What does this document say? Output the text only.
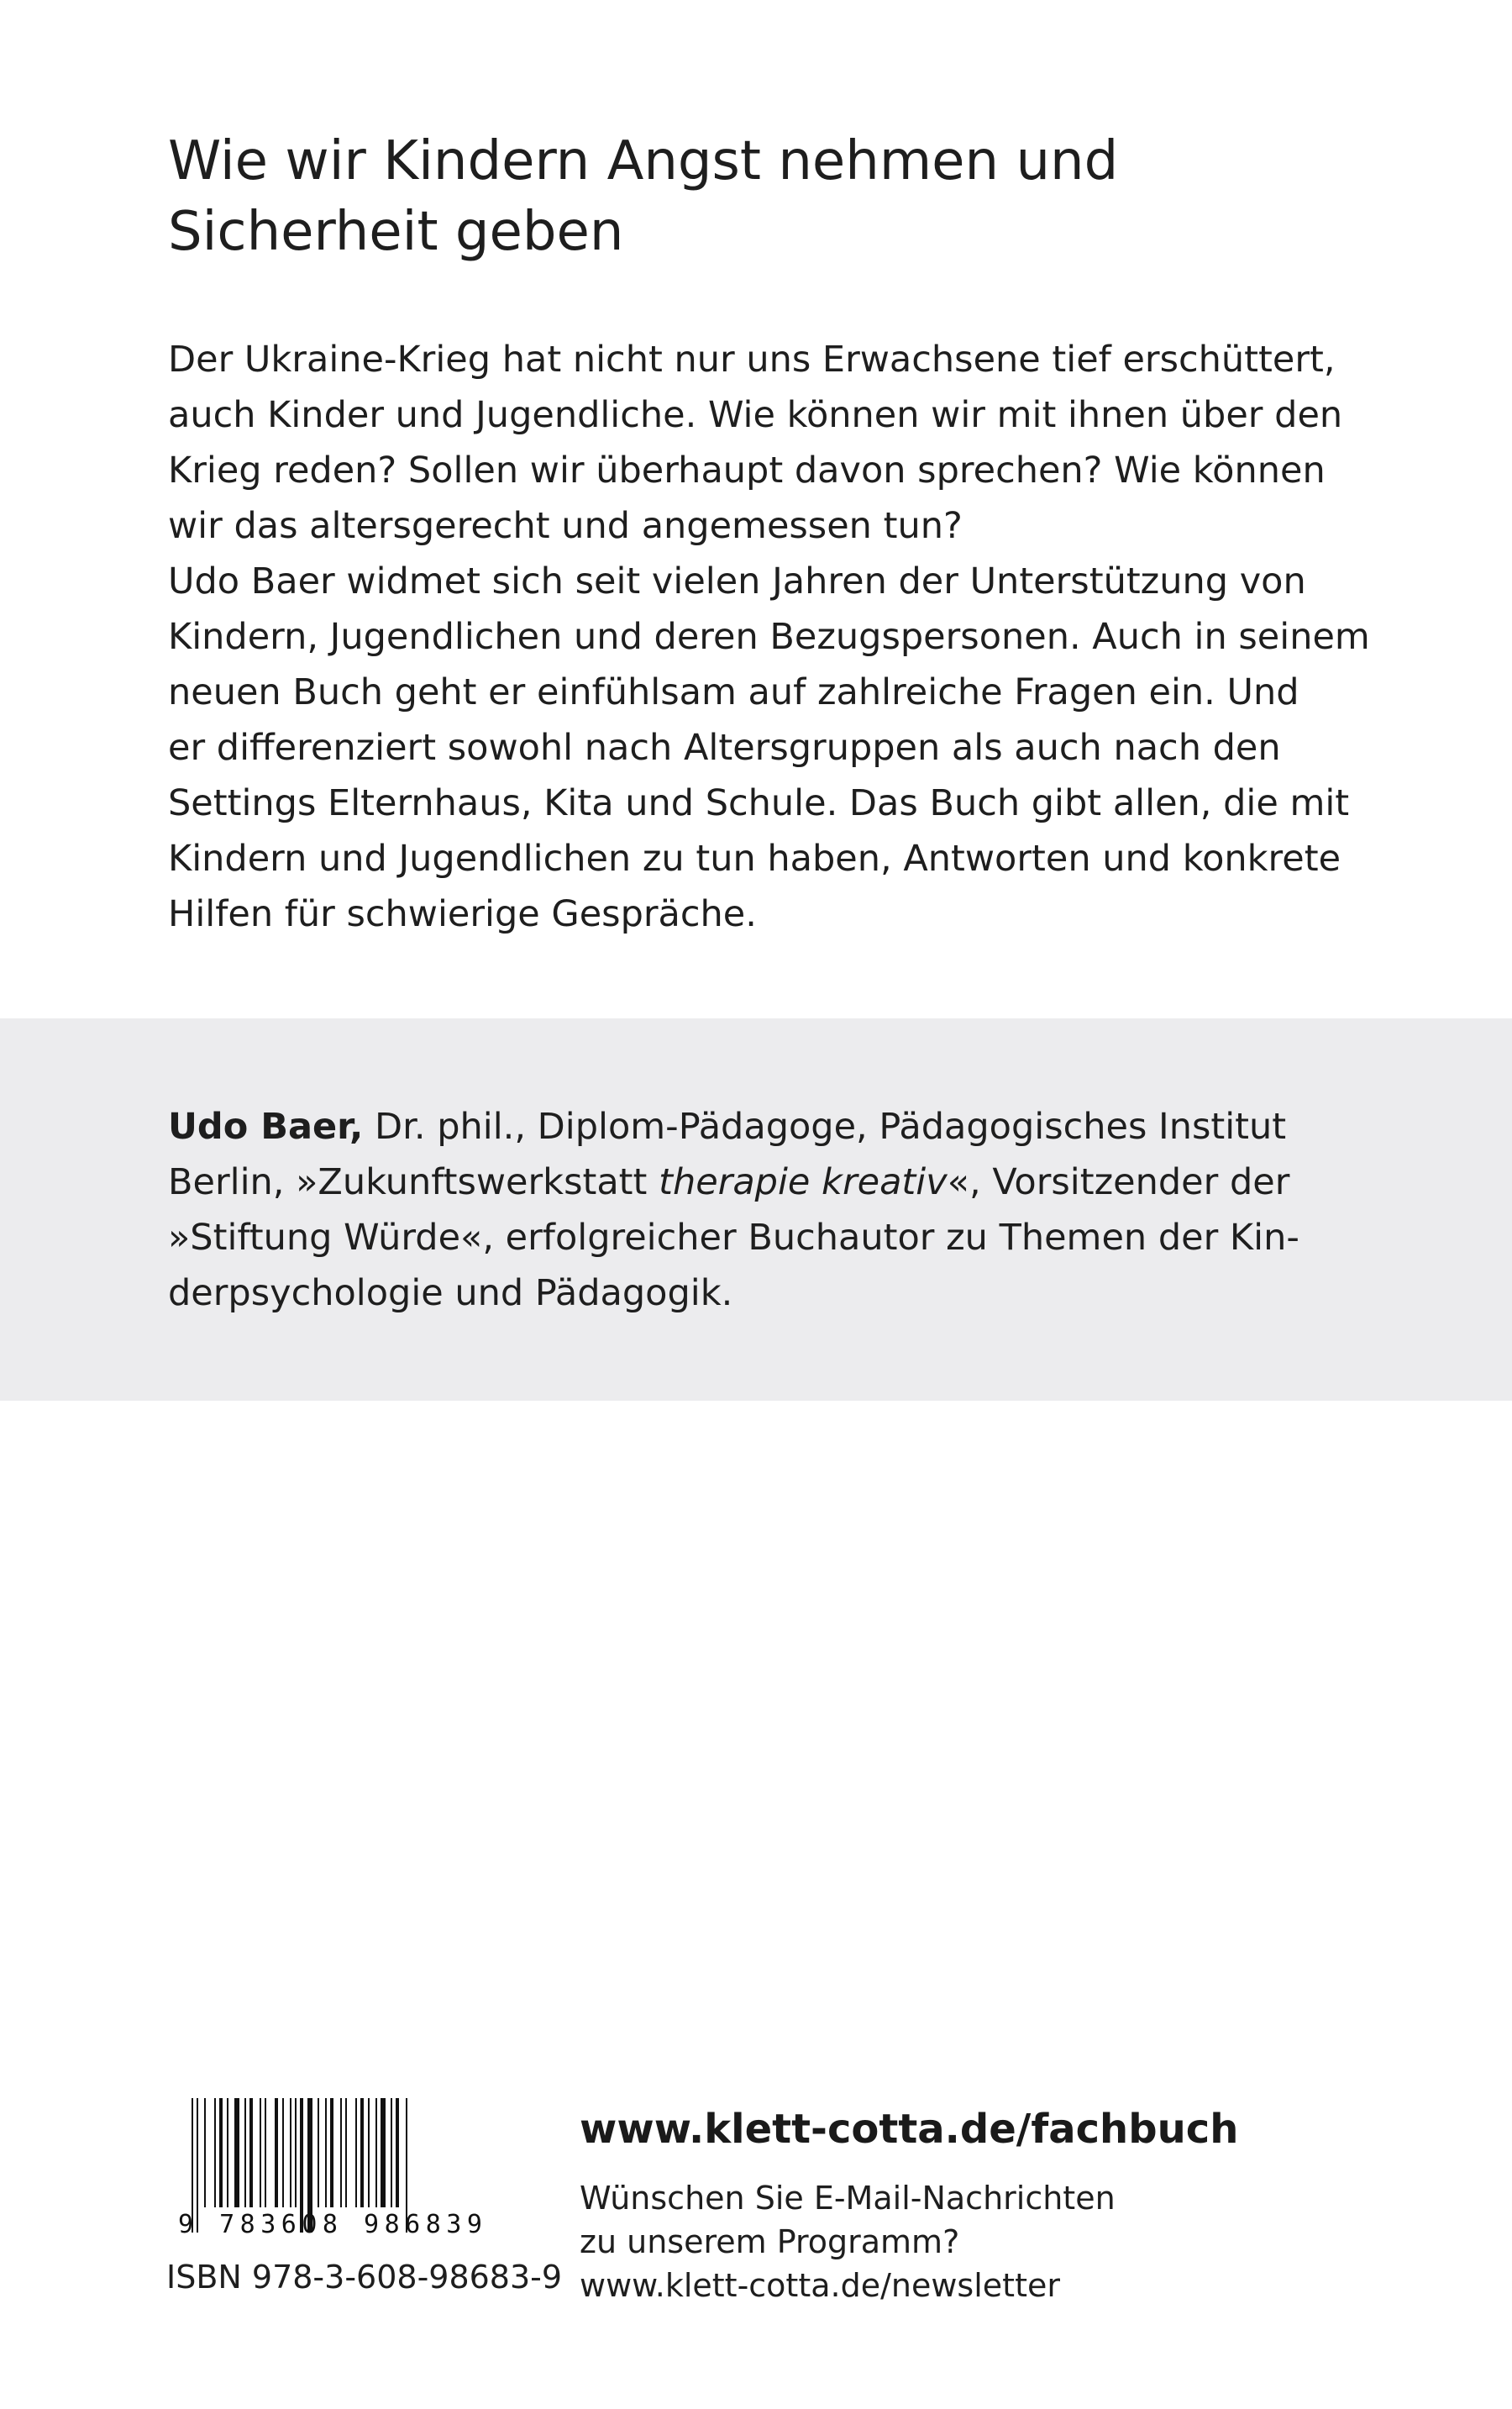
Wie wir Kindern Angst nehmen und
Sicherheit geben

Der Ukraine-Krieg hat nicht nur uns Erwachsene tief erschüttert,
auch Kinder und Jugendliche. Wie können wir mit ihnen über den
Krieg reden? Sollen wir überhaupt davon sprechen? Wie können
wir das altersgerecht und angemessen tun?
Udo Baer widmet sich seit vielen Jahren der Unterstützung von
Kindern, Jugendlichen und deren Bezugspersonen. Auch in seinem
neuen Buch geht er einfühlsam auf zahlreiche Fragen ein. Und
er differenziert sowohl nach Altersgruppen als auch nach den
Settings Elternhaus, Kita und Schule. Das Buch gibt allen, die mit
Kindern und Jugendlichen zu tun haben, Antworten und konkrete
Hilfen für schwierige Gespräche.

Udo Baer, Dr. phil., Diplom-Pädagoge, Pädagogisches Institut
Berlin, »Zukunftswerkstatt therapie kreativ«, Vorsitzender der
»Stiftung Würde«, erfolgreicher Buchautor zu Themen der Kin-
derpsychologie und Pädagogik.

9 783608 986839
ISBN 978-3-608-98683-9
www.klett-cotta.de/fachbuch
Wünschen Sie E-Mail-Nachrichten
zu unserem Programm?
www.klett-cotta.de/newsletter
